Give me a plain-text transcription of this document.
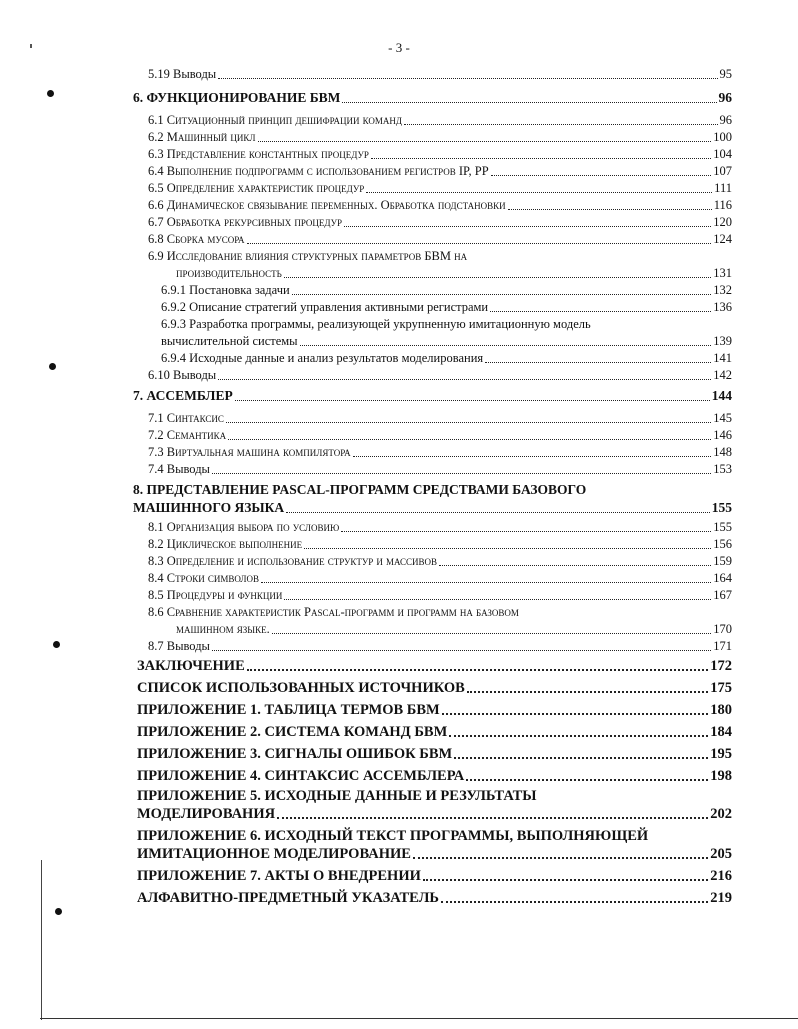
- 3 -
5.19 Выводы	95
6. ФУНКЦИОНИРОВАНИЕ БВМ	96
6.1 Ситуационный принцип дешифрации команд	96
6.2 Машинный цикл	100
6.3 Представление константных процедур	104
6.4 Выполнение подпрограмм с использованием регистров IP, PP	107
6.5 Определение характеристик процедур	111
6.6 Динамическое связывание переменных. Обработка подстановки	116
6.7 Обработка рекурсивных процедур	120
6.8 Сборка мусора	124
6.9 Исследование влияния структурных параметров БВМ на
производительность	131
6.9.1 Постановка задачи	132
6.9.2 Описание стратегий управления активными регистрами	136
6.9.3 Разработка программы, реализующей укрупненную имитационную модель
вычислительной системы	139
6.9.4 Исходные данные и анализ результатов моделирования	141
6.10 Выводы	142
7. АССЕМБЛЕР	144
7.1 Синтаксис	145
7.2 Семантика	146
7.3 Виртуальная машина компилятора	148
7.4 Выводы	153
8. ПРЕДСТАВЛЕНИЕ PASCAL-ПРОГРАММ СРЕДСТВАМИ БАЗОВОГО
МАШИННОГО ЯЗЫКА	155
8.1 Организация выбора по условию	155
8.2 Циклическое выполнение	156
8.3 Определение и использование структур и массивов	159
8.4 Строки символов	164
8.5 Процедуры и функции	167
8.6 Сравнение характеристик Pascal-программ и программ на базовом
машинном языке.	170
8.7 Выводы	171
ЗАКЛЮЧЕНИЕ	172
СПИСОК ИСПОЛЬЗОВАННЫХ ИСТОЧНИКОВ	175
ПРИЛОЖЕНИЕ 1. ТАБЛИЦА ТЕРМОВ БВМ	180
ПРИЛОЖЕНИЕ 2. СИСТЕМА КОМАНД БВМ	184
ПРИЛОЖЕНИЕ 3. СИГНАЛЫ ОШИБОК БВМ	195
ПРИЛОЖЕНИЕ 4. СИНТАКСИС АССЕМБЛЕРА	198
ПРИЛОЖЕНИЕ 5. ИСХОДНЫЕ ДАННЫЕ И РЕЗУЛЬТАТЫ
МОДЕЛИРОВАНИЯ	202
ПРИЛОЖЕНИЕ 6. ИСХОДНЫЙ ТЕКСТ ПРОГРАММЫ, ВЫПОЛНЯЮЩЕЙ
ИМИТАЦИОННОЕ МОДЕЛИРОВАНИЕ	205
ПРИЛОЖЕНИЕ 7. АКТЫ О ВНЕДРЕНИИ	216
АЛФАВИТНО-ПРЕДМЕТНЫЙ УКАЗАТЕЛЬ	219
